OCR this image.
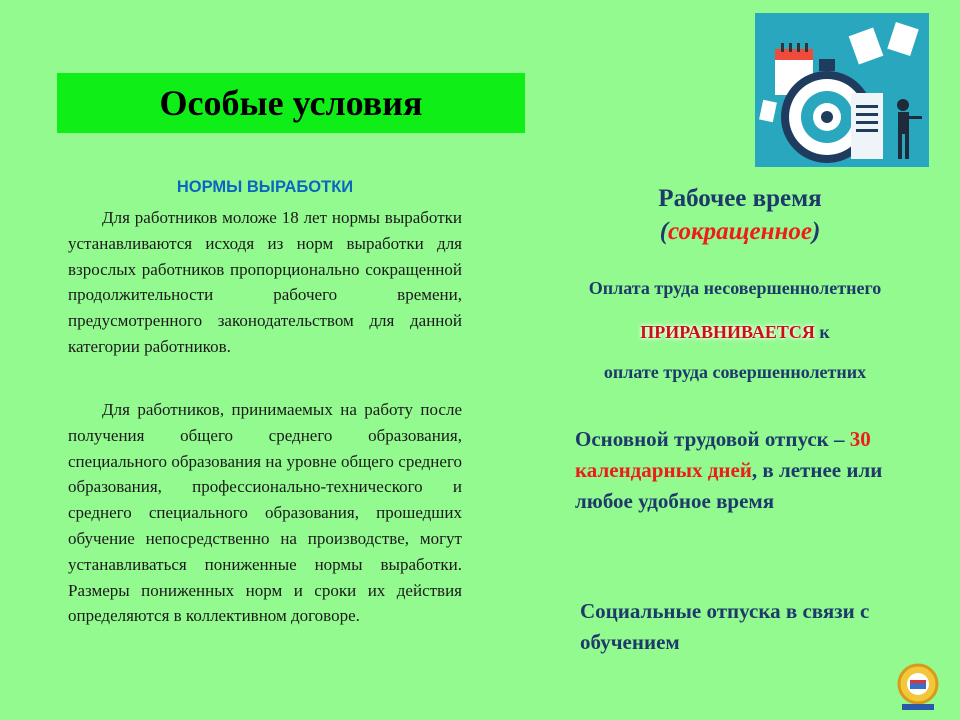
Особые условия
НОРМЫ ВЫРАБОТКИ
Для работников моложе 18 лет нормы выработки устанавливаются исходя из норм выработки для взрослых работников пропорционально сокращенной продолжительности рабочего времени, предусмотренного законодательством для данной категории работников.
Для работников, принимаемых на работу после получения общего среднего образования, специального образования на уровне общего среднего образования, профессионально-технического и среднего специального образования, прошедших обучение непосредственно на производстве, могут устанавливаться пониженные нормы выработки. Размеры пониженных норм и сроки их действия определяются в коллективном договоре.
Рабочее время
(сокращенное)
Оплата труда несовершеннолетнего
ПРИРАВНИВАЕТСЯ к
оплате труда совершеннолетних
Основной трудовой отпуск – 30 календарных дней, в летнее или любое удобное время
Социальные отпуска в связи с обучением
